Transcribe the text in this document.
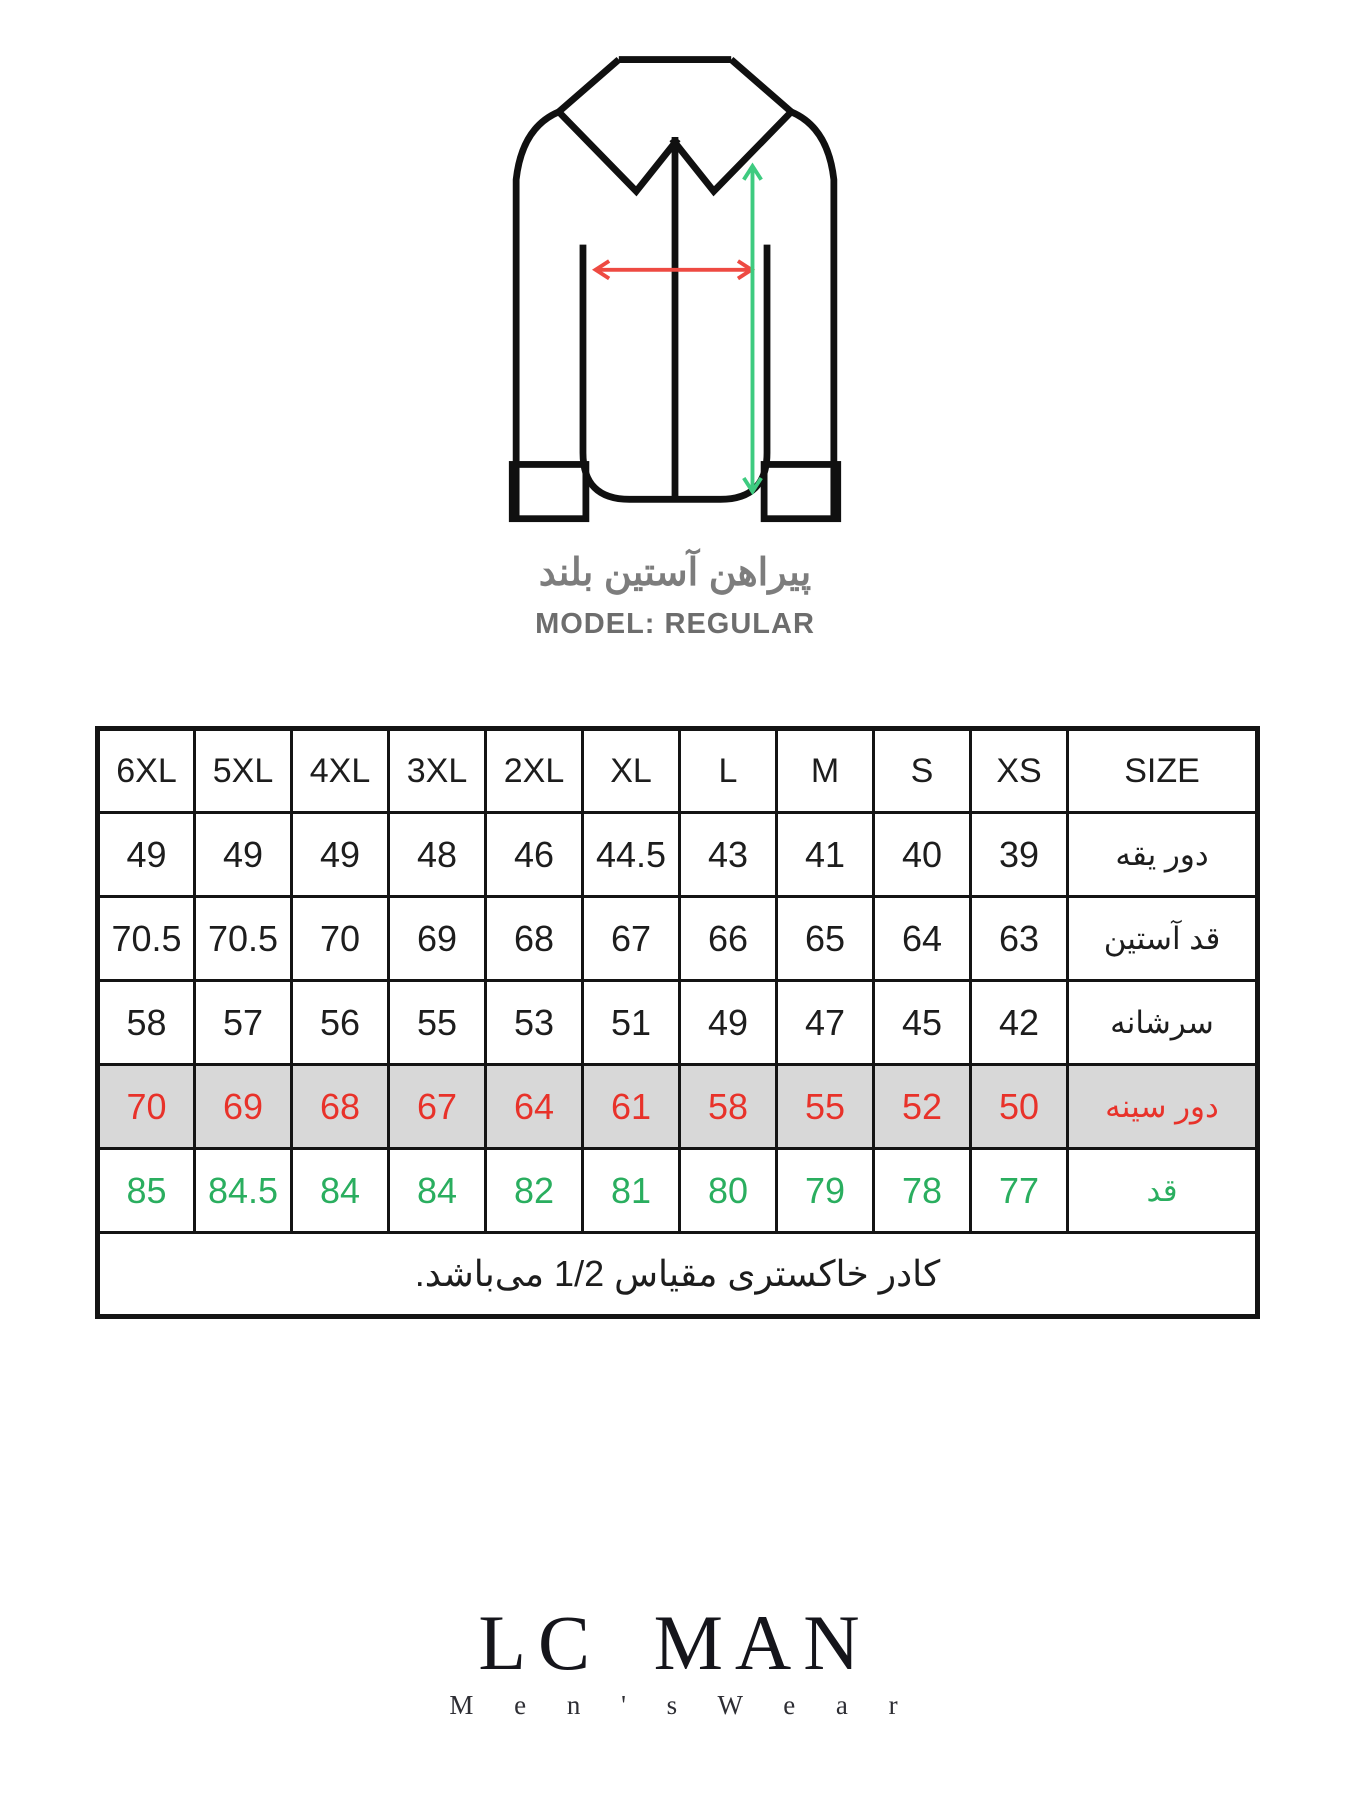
پیراهن آستین بلند
MODEL: REGULAR
6XL	5XL	4XL	3XL	2XL	XL	L	M	S	XS	SIZE
49	49	49	48	46	44.5	43	41	40	39	دور یقه
70.5	70.5	70	69	68	67	66	65	64	63	قد آستین
58	57	56	55	53	51	49	47	45	42	سرشانه
70	69	68	67	64	61	58	55	52	50	دور سینه
85	84.5	84	84	82	81	80	79	78	77	قد
کادر خاکستری مقیاس 1/2 می‌باشد.										
LC MAN
M e n ' s W e a r
